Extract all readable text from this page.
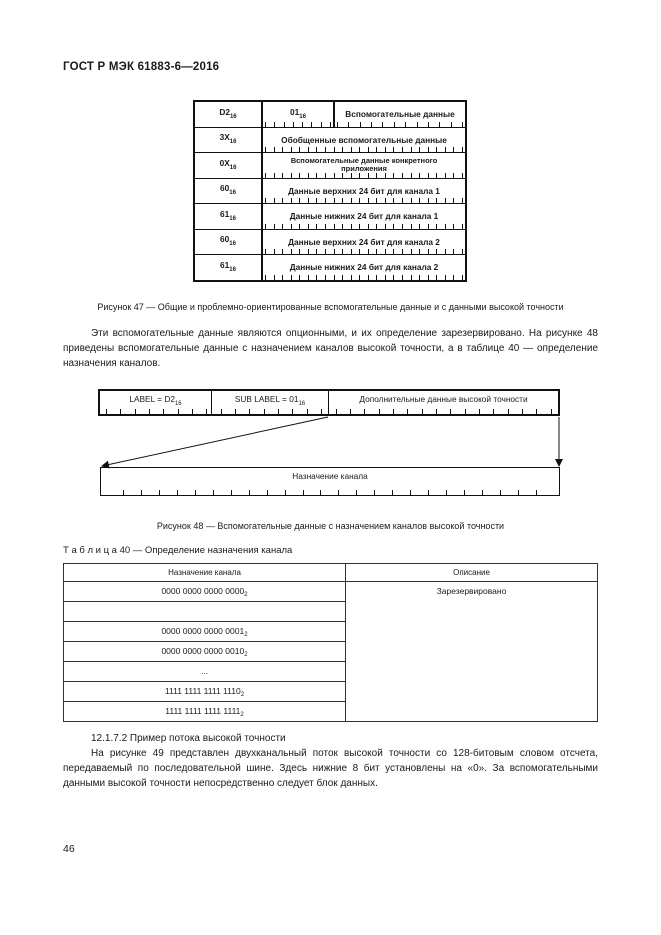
ГОСТ Р МЭК 61883-6—2016
$D2_{16}$	$01_{16}$	Вспомогательные данные
$3X_{16}$	Обобщенные вспомогательные данные	
$0X_{16}$	Вспомогательные данные конкретного приложения	
$60_{16}$	Данные верхних 24 бит для канала 1	
$61_{16}$	Данные нижних 24 бит для канала 1	
$60_{16}$	Данные верхних 24 бит для канала 2	
$61_{16}$	Данные нижних 24 бит для канала 2	
Рисунок 47 — Общие и проблемно-ориентированные вспомогательные данные и с данными высокой точности

Эти вспомогательные данные являются опционными, и их определение зарезервировано. На рисунке 48 приведены вспомогательные данные с назначением каналов высокой точности, а в таблице 40 — определение назначения каналов.

LABEL = $D2_{16}$	SUB LABEL = $01_{16}$	Дополнительные данные высокой точности
Назначение канала
Рисунок 48 — Вспомогательные данные с назначением каналов высокой точности
Т а б л и ц а 40 — Определение назначения канала
Назначение канала	Описание
0000 0000 0000 $0000_2$	Зарезервировано

0000 0000 0000 $0001_2$
0000 0000 0000 $0010_2$
...	
1111 1111 1111 $1110_2$
1111 1111 1111 $1111_2$

12.1.7.2 Пример потока высокой точности

На рисунке 49 представлен двухканальный поток высокой точности со 128-битовым словом отсчета, передаваемый по последовательной шине. Здесь нижние 8 бит установлены на «0». За вспомогательными данными высокой точности непосредственно следует блок данных.

46
